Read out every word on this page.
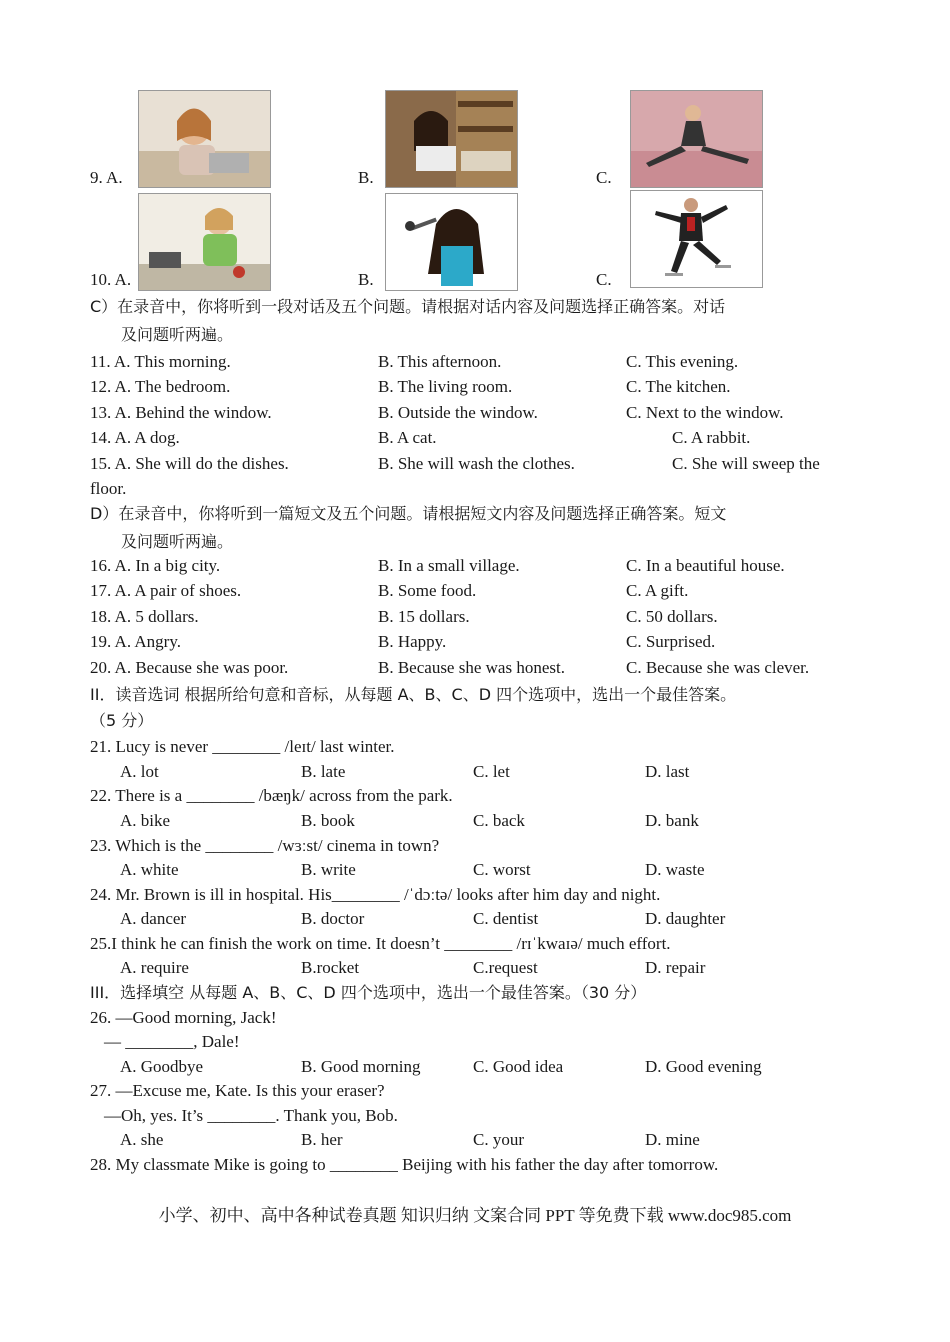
9. A.	B.	C.
10. A.	B.	C.
C）在录音中，你将听到一段对话及五个问题。请根据对话内容及问题选择正确答案。对话
及问题听两遍。
11. A. This morning.	B. This afternoon.	C. This evening.
12. A. The bedroom.	B. The living room.	C. The kitchen.
13. A. Behind the window.	B. Outside the window.	C. Next to the window.
14. A. A dog.	B. A cat.	C. A rabbit.
15. A. She will do the dishes.	B. She will wash the clothes.	C. She will sweep the
floor.
D）在录音中，你将听到一篇短文及五个问题。请根据短文内容及问题选择正确答案。短文
及问题听两遍。
16. A. In a big city.	B. In a small village.	C. In a beautiful house.
17. A. A pair of shoes.	B. Some food.	C. A gift.
18. A. 5 dollars.	B. 15 dollars.	C. 50 dollars.
19. A. Angry.	B. Happy.	C. Surprised.
20. A. Because she was poor.	B. Because she was honest.	C. Because she was clever.
II．读音选词 根据所给句意和音标，从每题 A、B、C、D 四个选项中，选出一个最佳答案。
（5 分）
21. Lucy is never ________ /leɪt/ last winter.
A. lot	B. late	C. let	D. last
22. There is a ________ /bæŋk/ across from the park.
A. bike	B. book	C. back	D. bank
23. Which is the ________ /wɜːst/ cinema in town?
A. white	B. write	C. worst	D. waste
24. Mr. Brown is ill in hospital. His________ /ˈdɔːtə/ looks after him day and night.
A. dancer	B. doctor	C. dentist	D. daughter
25.I think he can finish the work on time. It doesn’t ________ /rɪˈkwaɪə/ much effort.
A. require	B.rocket	C.request	D. repair
III．选择填空 从每题 A、B、C、D 四个选项中，选出一个最佳答案。（30 分）
26. —Good morning, Jack!
— ________, Dale!
A. Goodbye	B. Good morning	C. Good idea	D. Good evening
27. —Excuse me, Kate. Is this your eraser?
—Oh, yes. It’s ________. Thank you, Bob.
A. she	B. her	C. your	D. mine
28. My classmate Mike is going to ________ Beijing with his father the day after tomorrow.
小学、初中、高中各种试卷真题 知识归纳 文案合同 PPT 等免费下载 www.doc985.com
